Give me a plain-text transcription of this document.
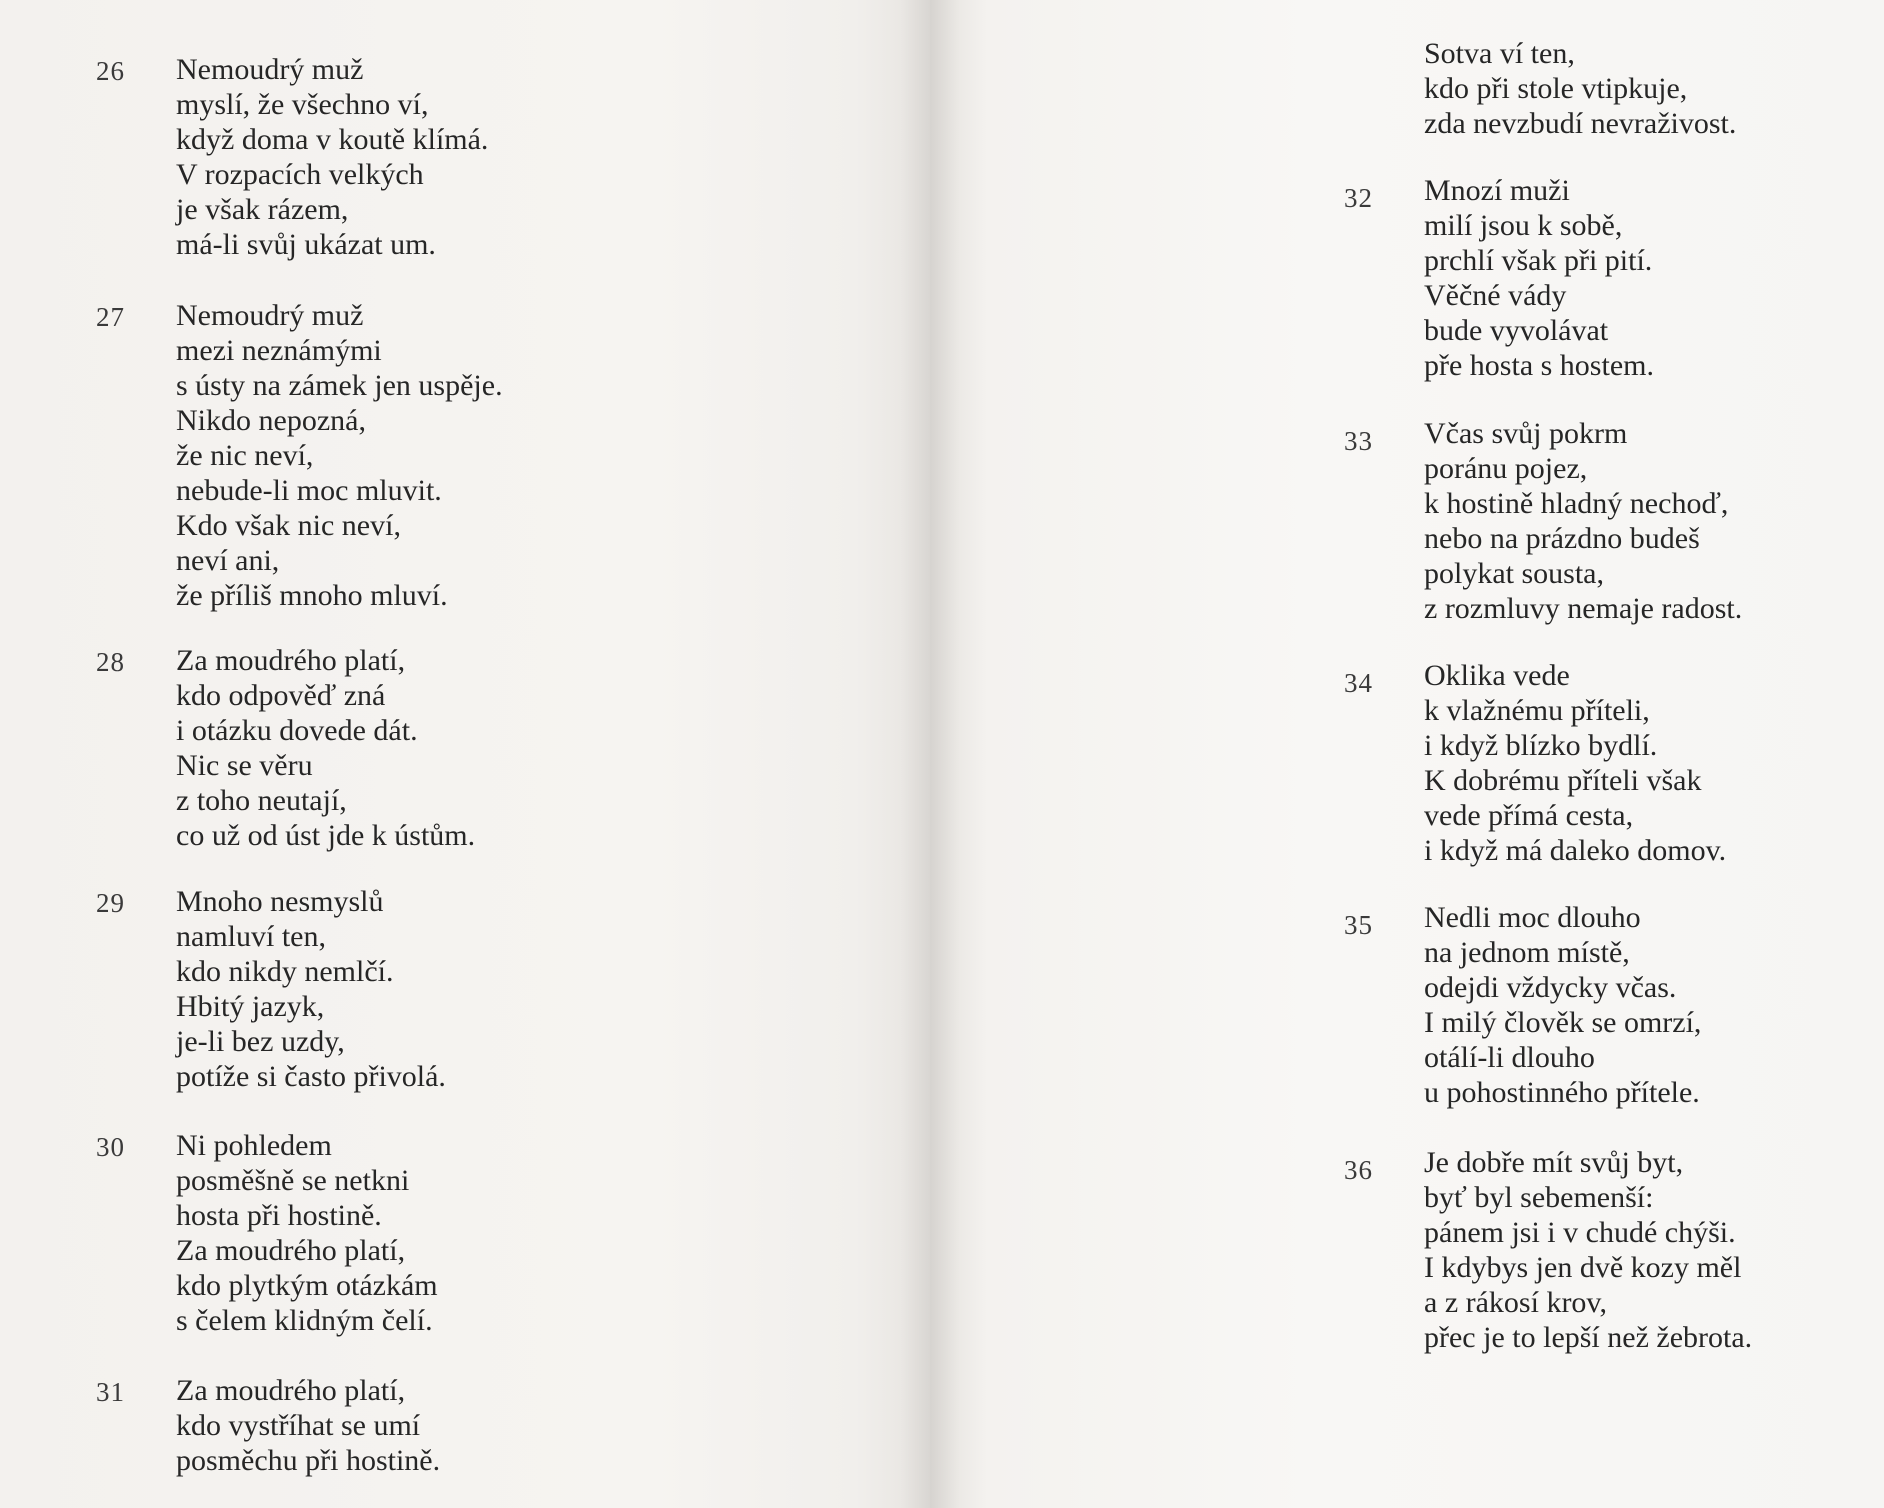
26 Nemoudrý muž
myslí, že všechno ví,
když doma v koutě klímá.
V rozpacích velkých
je však rázem,
má-li svůj ukázat um.
27 Nemoudrý muž
mezi neznámými
s ústy na zámek jen uspěje.
Nikdo nepozná,
že nic neví,
nebude-li moc mluvit.
Kdo však nic neví,
neví ani,
že příliš mnoho mluví.
28 Za moudrého platí,
kdo odpověď zná
i otázku dovede dát.
Nic se věru
z toho neutají,
co už od úst jde k ústům.
29 Mnoho nesmyslů
namluví ten,
kdo nikdy nemlčí.
Hbitý jazyk,
je-li bez uzdy,
potíže si často přivolá.
30 Ni pohledem
posměšně se netkni
hosta při hostině.
Za moudrého platí,
kdo plytkým otázkám
s čelem klidným čelí.
31 Za moudrého platí,
kdo vystříhat se umí
posměchu při hostině.
Sotva ví ten,
kdo při stole vtipkuje,
zda nevzbudí nevraživost.
32 Mnozí muži
milí jsou k sobě,
prchlí však při pití.
Věčné vády
bude vyvolávat
pře hosta s hostem.
33 Včas svůj pokrm
poránu pojez,
k hostině hladný nechoď,
nebo na prázdno budeš
polykat sousta,
z rozmluvy nemaje radost.
34 Oklika vede
k vlažnému příteli,
i když blízko bydlí.
K dobrému příteli však
vede přímá cesta,
i když má daleko domov.
35 Nedli moc dlouho
na jednom místě,
odejdi vždycky včas.
I milý člověk se omrzí,
otálí-li dlouho
u pohostinného přítele.
36 Je dobře mít svůj byt,
byť byl sebemenší:
pánem jsi i v chudé chýši.
I kdybys jen dvě kozy měl
a z rákosí krov,
přec je to lepší než žebrota.
